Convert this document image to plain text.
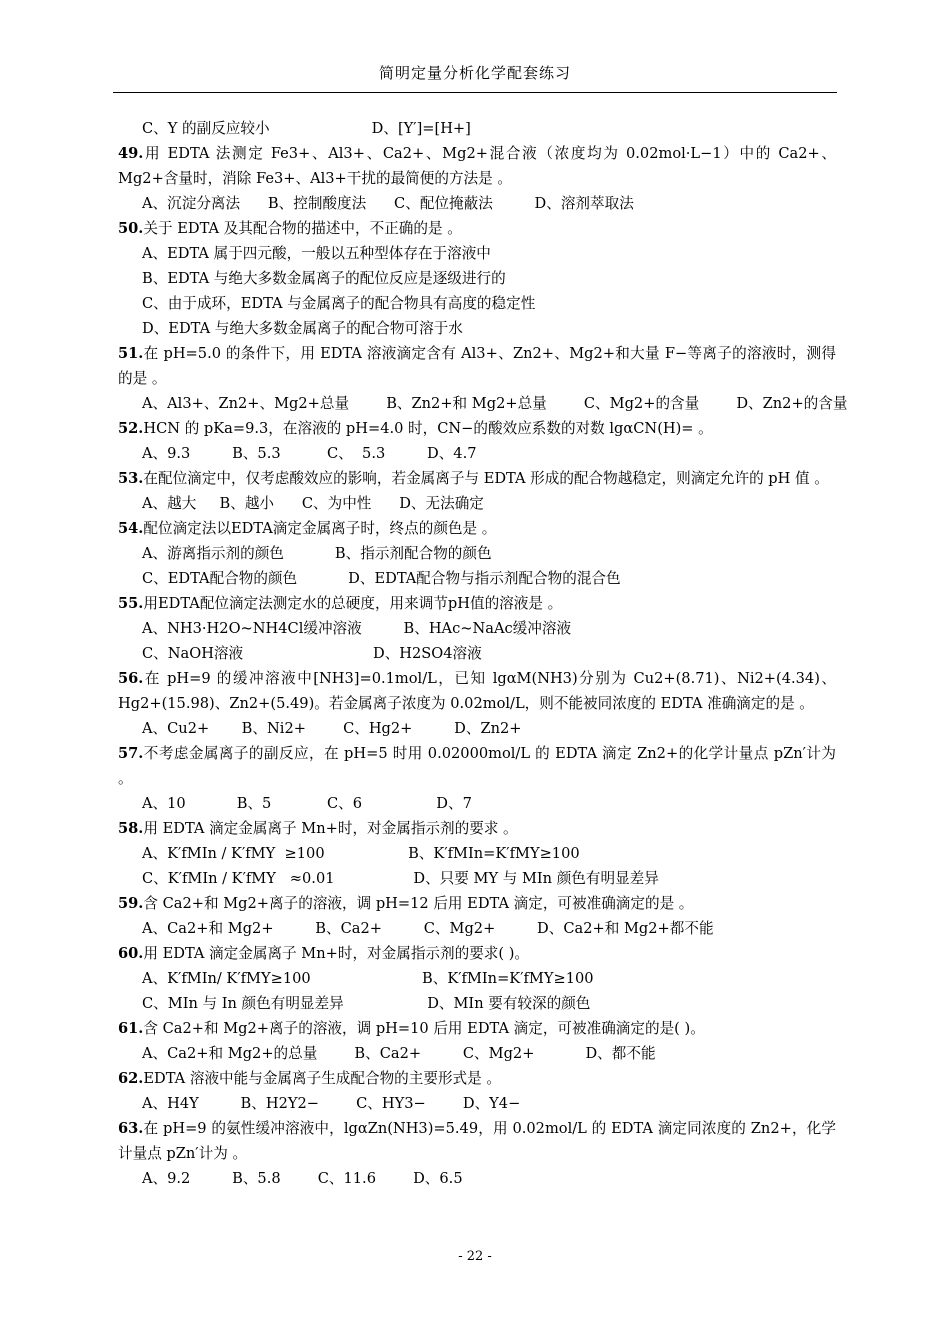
简明定量分析化学配套练习
C、Y 的副反应较小                      D、[Y′]=[H+]

49.用 EDTA 法测定 Fe3+、Al3+、Ca2+、Mg2+混合液（浓度均为 0.02mol·L−1）中的 Ca2+、Mg2+含量时，消除 Fe3+、Al3+干扰的最简便的方法是 。

A、沉淀分离法      B、控制酸度法      C、配位掩蔽法         D、溶剂萃取法

50.关于 EDTA 及其配合物的描述中，不正确的是 。

A、EDTA 属于四元酸，一般以五种型体存在于溶液中
B、EDTA 与绝大多数金属离子的配位反应是逐级进行的
C、由于成环，EDTA 与金属离子的配合物具有高度的稳定性
D、EDTA 与绝大多数金属离子的配合物可溶于水

51.在 pH=5.0 的条件下，用 EDTA 溶液滴定含有 Al3+、Zn2+、Mg2+和大量 F−等离子的溶液时，测得的是 。

A、Al3+、Zn2+、Mg2+总量        B、Zn2+和 Mg2+总量        C、Mg2+的含量        D、Zn2+的含量

52.HCN 的 pKa=9.3，在溶液的 pH=4.0 时，CN−的酸效应系数的对数 lgαCN(H)= 。

A、9.3         B、5.3          C、  5.3         D、4.7

53.在配位滴定中，仅考虑酸效应的影响，若金属离子与 EDTA 形成的配合物越稳定，则滴定允许的 pH 值 。

A、越大     B、越小      C、为中性      D、无法确定

54.配位滴定法以EDTA滴定金属离子时，终点的颜色是 。

A、游离指示剂的颜色           B、指示剂配合物的颜色
C、EDTA配合物的颜色           D、EDTA配合物与指示剂配合物的混合色

55.用EDTA配位滴定法测定水的总硬度，用来调节pH值的溶液是 。

A、NH3·H2O~NH4Cl缓冲溶液         B、HAc~NaAc缓冲溶液
C、NaOH溶液                            D、H2SO4溶液

56.在 pH=9 的缓冲溶液中[NH3]=0.1mol/L，已知 lgαM(NH3)分别为 Cu2+(8.71)、Ni2+(4.34)、Hg2+(15.98)、Zn2+(5.49)。若金属离子浓度为 0.02mol/L，则不能被同浓度的 EDTA 准确滴定的是 。

A、Cu2+       B、Ni2+        C、Hg2+         D、Zn2+

57.不考虑金属离子的副反应，在 pH=5 时用 0.02000mol/L 的 EDTA 滴定 Zn2+的化学计量点 pZn′计为 。

A、10           B、5            C、6                D、7

58.用 EDTA 滴定金属离子 Mn+时，对金属指示剂的要求 。

A、K′fMIn / K′fMY  ≥100                  B、K′fMIn=K′fMY≥100
C、K′fMIn / K′fMY   ≈0.01                 D、只要 MY 与 MIn 颜色有明显差异

59.含 Ca2+和 Mg2+离子的溶液，调 pH=12 后用 EDTA 滴定，可被准确滴定的是 。

A、Ca2+和 Mg2+         B、Ca2+         C、Mg2+         D、Ca2+和 Mg2+都不能

60.用 EDTA 滴定金属离子 Mn+时，对金属指示剂的要求( )。

A、K′fMIn/ K′fMY≥100                        B、K′fMIn=K′fMY≥100
C、MIn 与 In 颜色有明显差异                  D、MIn 要有较深的颜色

61.含 Ca2+和 Mg2+离子的溶液，调 pH=10 后用 EDTA 滴定，可被准确滴定的是( )。

A、Ca2+和 Mg2+的总量        B、Ca2+         C、Mg2+           D、都不能

62.EDTA 溶液中能与金属离子生成配合物的主要形式是 。

A、H4Y         B、H2Y2−        C、HY3−        D、Y4−

63.在 pH=9 的氨性缓冲溶液中，lgαZn(NH3)=5.49，用 0.02mol/L 的 EDTA 滴定同浓度的 Zn2+，化学计量点 pZn′计为 。

A、9.2         B、5.8        C、11.6        D、6.5
- 22 -
